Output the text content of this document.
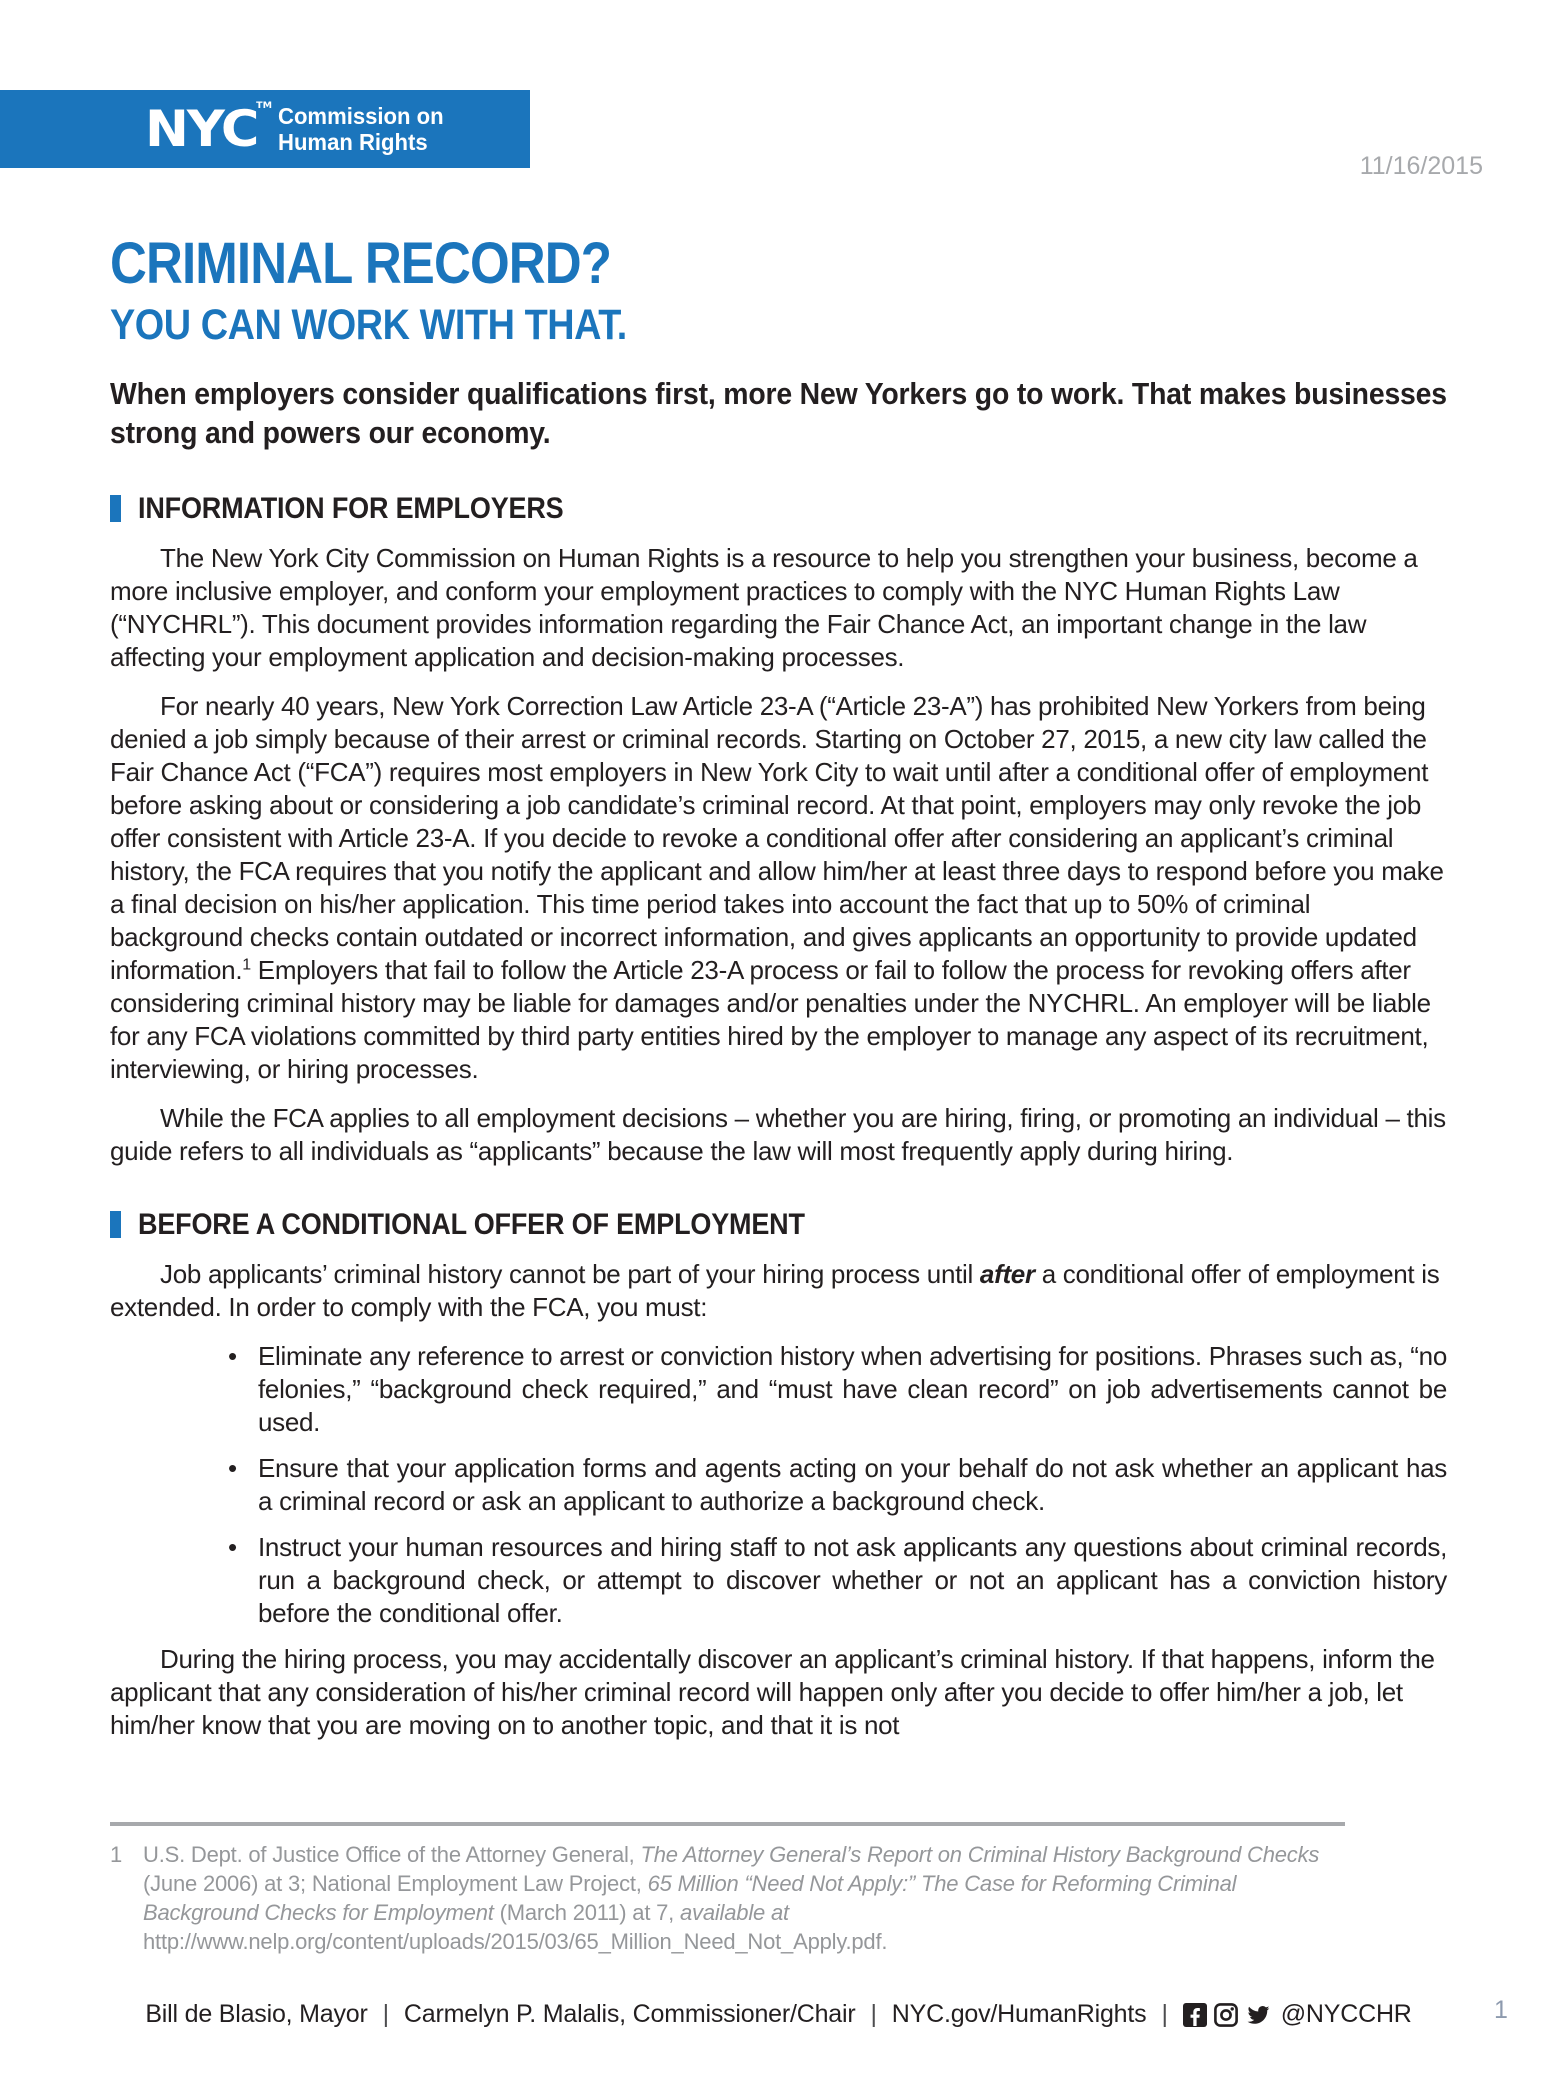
NYC
TM Commission on
Human Rights
11/16/2015
CRIMINAL RECORD?
YOU CAN WORK WITH THAT.

When employers consider qualifications first, more New Yorkers go to work. That makes businesses strong and powers our economy.

INFORMATION FOR EMPLOYERS

The New York City Commission on Human Rights is a resource to help you strengthen your business, become a more inclusive employer, and conform your employment practices to comply with the NYC Human Rights Law (“NYCHRL”). This document provides information regarding the Fair Chance Act, an important change in the law affecting your employment application and decision-making processes.

For nearly 40 years, New York Correction Law Article 23-A (“Article 23-A”) has prohibited New Yorkers from being denied a job simply because of their arrest or criminal records. Starting on October 27, 2015, a new city law called the Fair Chance Act (“FCA”) requires most employers in New York City to wait until after a conditional offer of employment before asking about or considering a job candidate’s criminal record. At that point, employers may only revoke the job offer consistent with Article 23-A. If you decide to revoke a conditional offer after considering an applicant’s criminal history, the FCA requires that you notify the applicant and allow him/her at least three days to respond before you make a final decision on his/her application. This time period takes into account the fact that up to 50% of criminal background checks contain outdated or incorrect information, and gives applicants an opportunity to provide updated information.$^1$ Employers that fail to follow the Article 23-A process or fail to follow the process for revoking offers after considering criminal history may be liable for damages and/or penalties under the NYCHRL. An employer will be liable for any FCA violations committed by third party entities hired by the employer to manage any aspect of its recruitment, interviewing, or hiring processes.

While the FCA applies to all employment decisions – whether you are hiring, firing, or promoting an individual – this guide refers to all individuals as “applicants” because the law will most frequently apply during hiring.

BEFORE A CONDITIONAL OFFER OF EMPLOYMENT

Job applicants’ criminal history cannot be part of your hiring process until after a conditional offer of employment is extended. In order to comply with the FCA, you must:

• Eliminate any reference to arrest or conviction history when advertising for positions. Phrases such as, “no felonies,” “background check required,” and “must have clean record” on job advertisements cannot be used.
• Ensure that your application forms and agents acting on your behalf do not ask whether an applicant has a criminal record or ask an applicant to authorize a background check.
• Instruct your human resources and hiring staff to not ask applicants any questions about criminal records, run a background check, or attempt to discover whether or not an applicant has a conviction history before the conditional offer.

During the hiring process, you may accidentally discover an applicant’s criminal history. If that happens, inform the applicant that any consideration of his/her criminal record will happen only after you decide to offer him/her a job, let him/her know that you are moving on to another topic, and that it is not

1 U.S. Dept. of Justice Office of the Attorney General, The Attorney General’s Report on Criminal History Background Checks (June 2006) at 3; National Employment Law Project, 65 Million “Need Not Apply:” The Case for Reforming Criminal Background Checks for Employment (March 2011) at 7, available at http://www.nelp.org/content/uploads/2015/03/65_Million_Need_Not_Apply.pdf.
Bill de Blasio, Mayor | Carmelyn P. Malalis, Commissioner/Chair | NYC.gov/HumanRights |	@NYCCHR	1
